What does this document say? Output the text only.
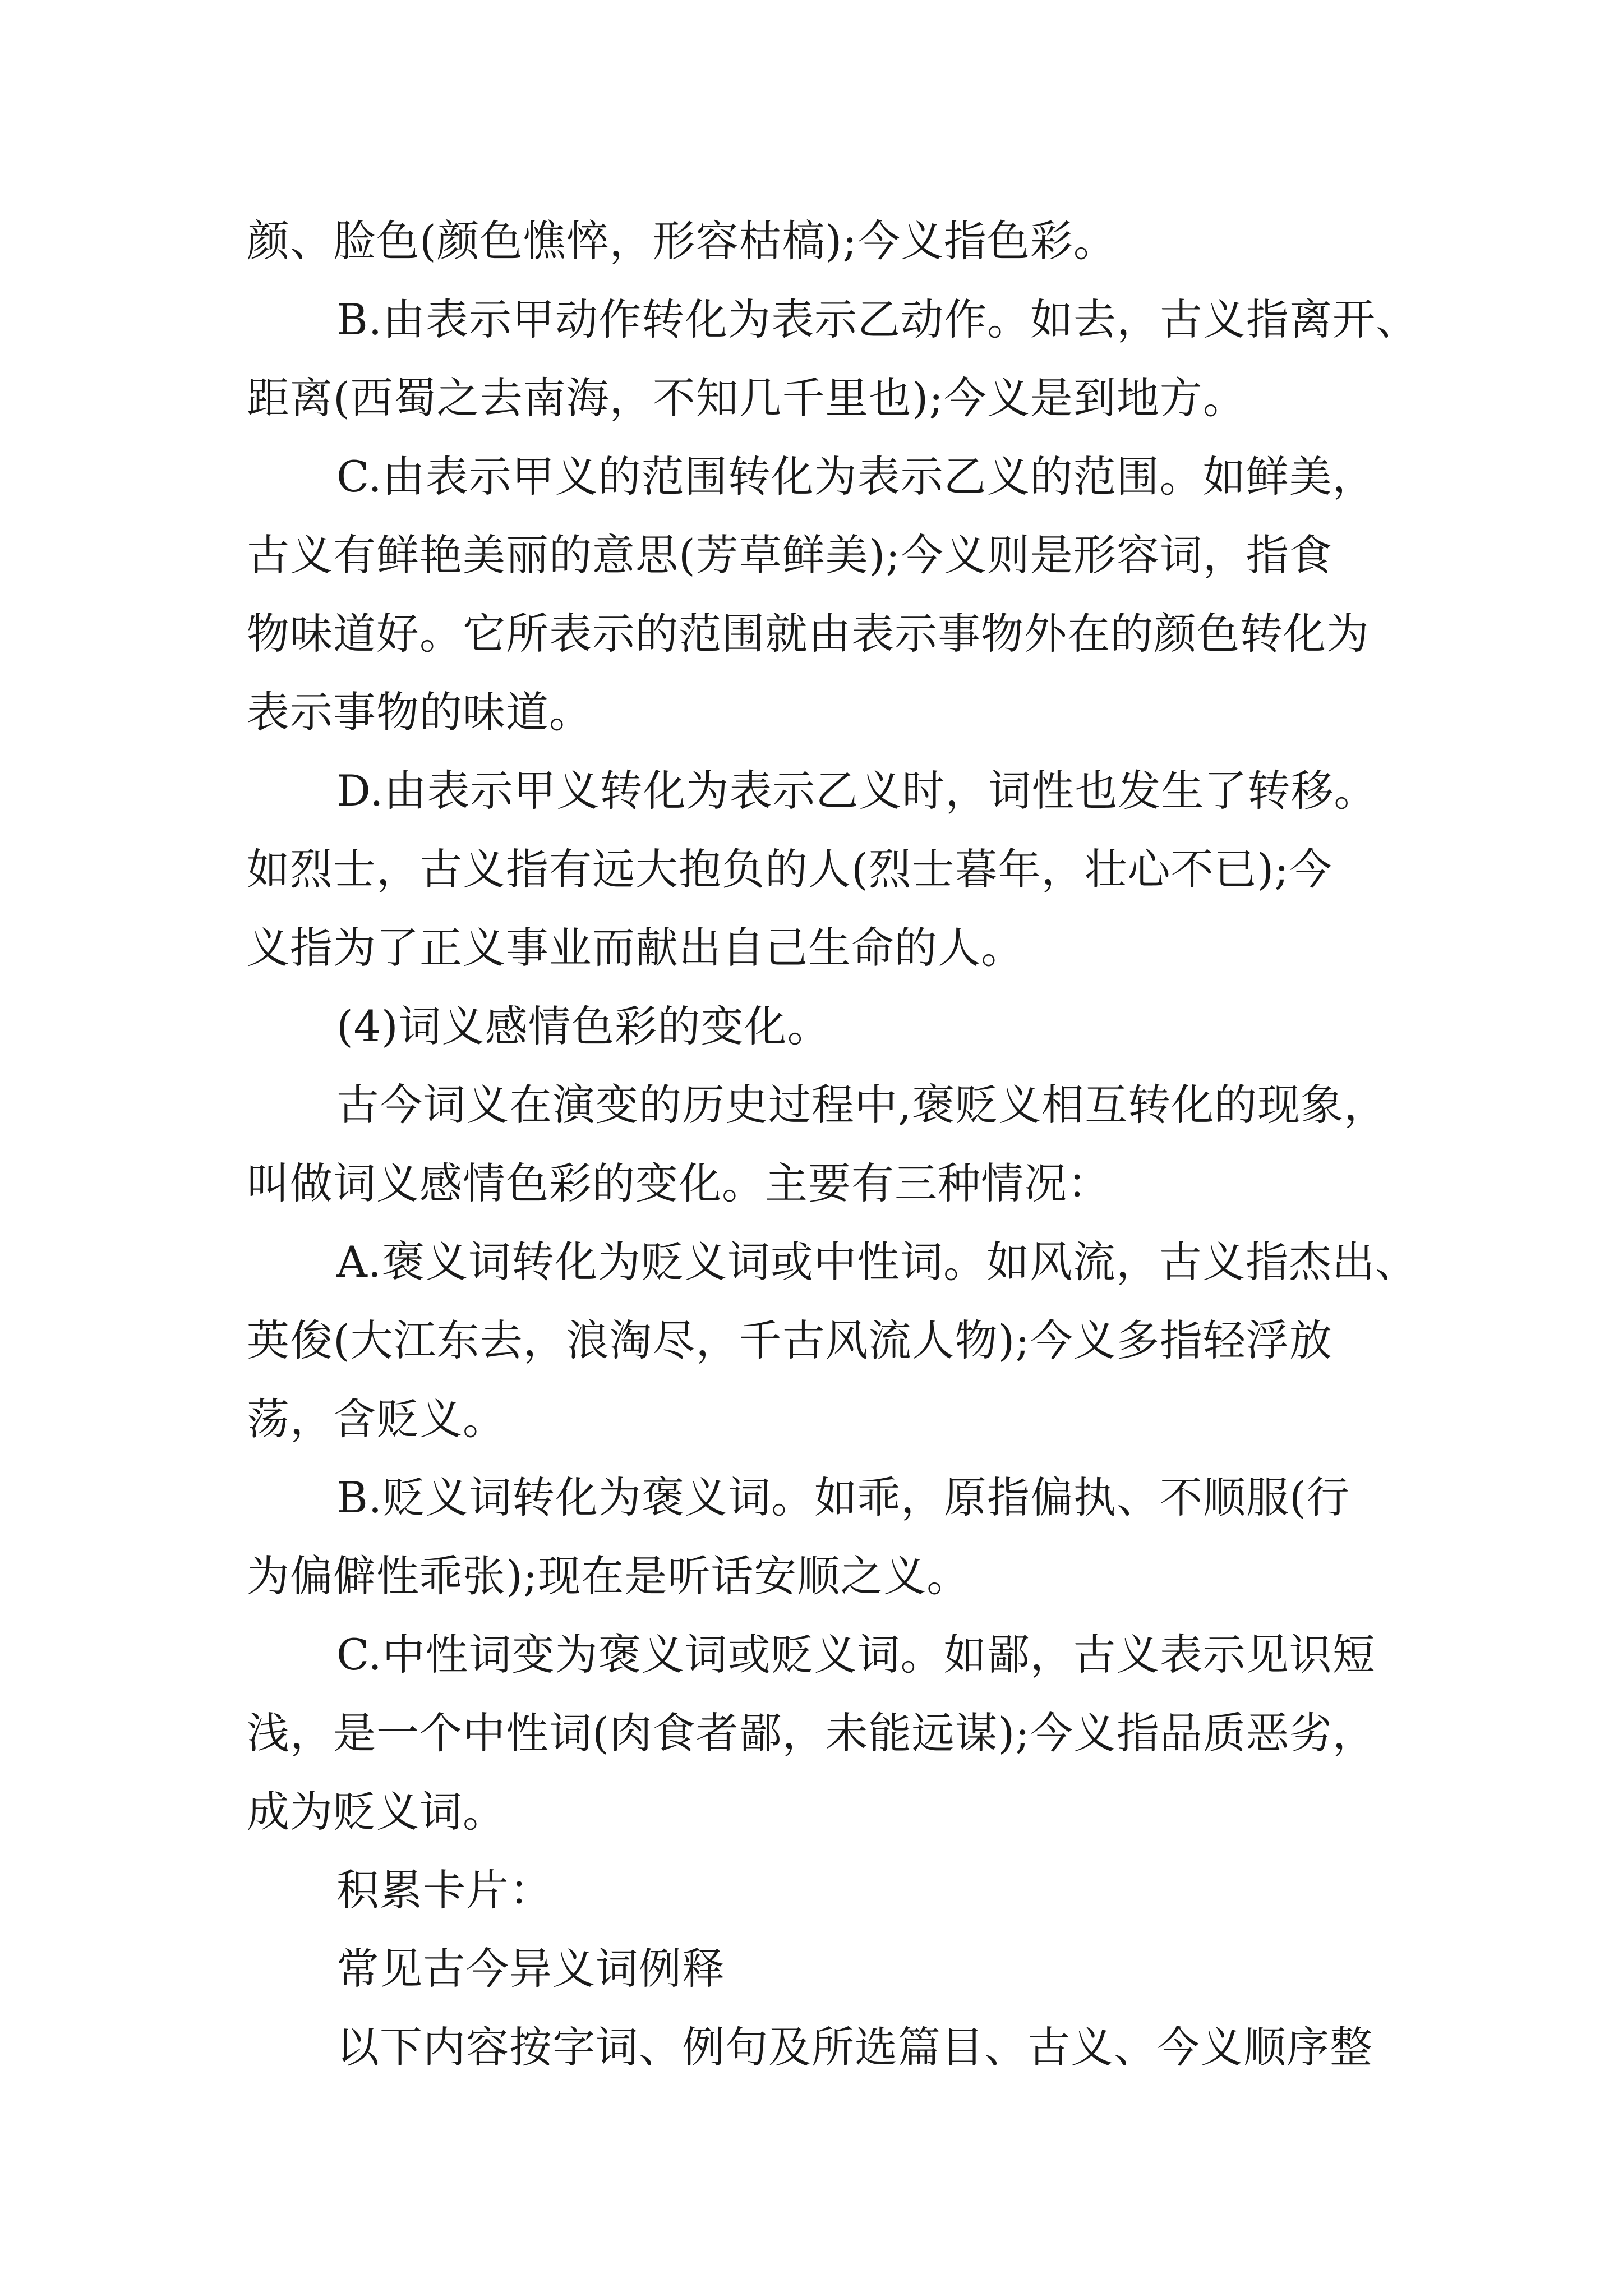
颜、脸色(颜色憔悴，形容枯槁);今义指色彩。
B.由表示甲动作转化为表示乙动作。如去，古义指离开、
距离(西蜀之去南海，不知几千里也);今义是到地方。
C.由表示甲义的范围转化为表示乙义的范围。如鲜美，
古义有鲜艳美丽的意思(芳草鲜美);今义则是形容词，指食
物味道好。它所表示的范围就由表示事物外在的颜色转化为
表示事物的味道。
D.由表示甲义转化为表示乙义时，词性也发生了转移。
如烈士，古义指有远大抱负的人(烈士暮年，壮心不已);今
义指为了正义事业而献出自己生命的人。
(4)词义感情色彩的变化。
古今词义在演变的历史过程中,褒贬义相互转化的现象，
叫做词义感情色彩的变化。主要有三种情况：
A.褒义词转化为贬义词或中性词。如风流，古义指杰出、
英俊(大江东去，浪淘尽，千古风流人物);今义多指轻浮放
荡，含贬义。
B.贬义词转化为褒义词。如乖，原指偏执、不顺服(行
为偏僻性乖张);现在是听话安顺之义。
C.中性词变为褒义词或贬义词。如鄙，古义表示见识短
浅，是一个中性词(肉食者鄙，未能远谋);今义指品质恶劣，
成为贬义词。
积累卡片：
常见古今异义词例释
以下内容按字词、例句及所选篇目、古义、今义顺序整
